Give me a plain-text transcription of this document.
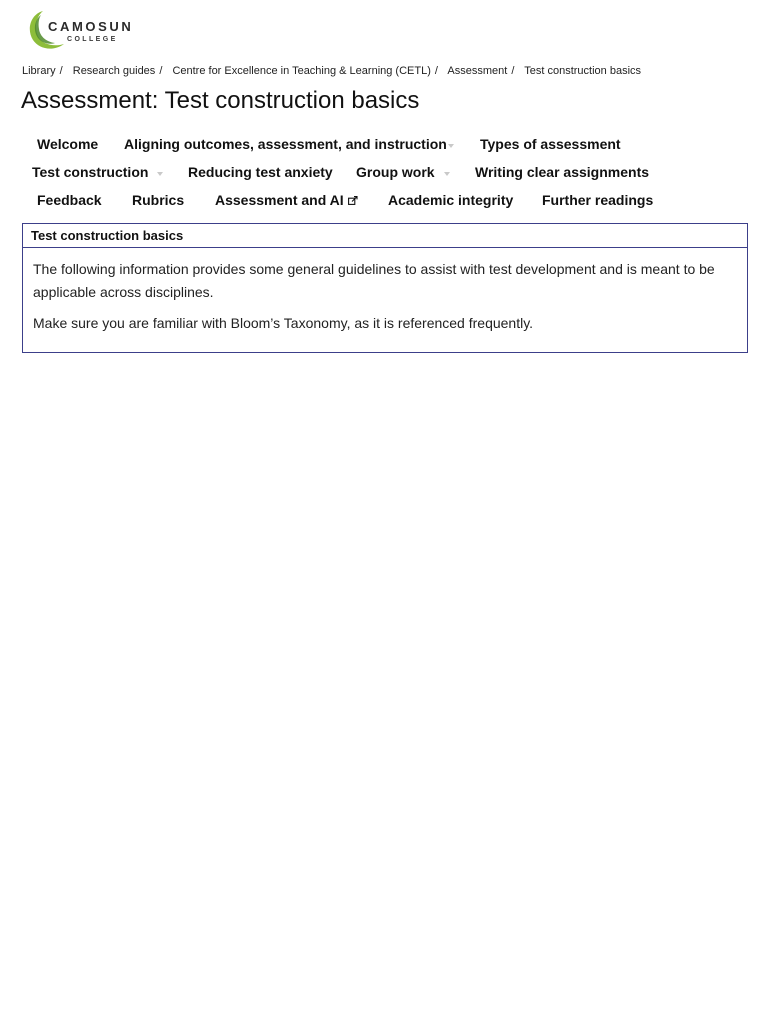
CAMOSUN
COLLEGE
Library / Research guides / Centre for Excellence in Teaching & Learning (CETL) / Assessment / Test construction basics
Assessment: Test construction basics
Welcome Aligning outcomes, assessment, and instruction Types of assessment
Test construction	Reducing test anxiety Group work	Writing clear assignments
Feedback Rubrics Assessment and AI	Academic integrity Further readings
Test construction basics

The following information provides some general guidelines to assist with test development and is meant to be applicable across disciplines.

Make sure you are familiar with Bloom’s Taxonomy, as it is referenced frequently.
